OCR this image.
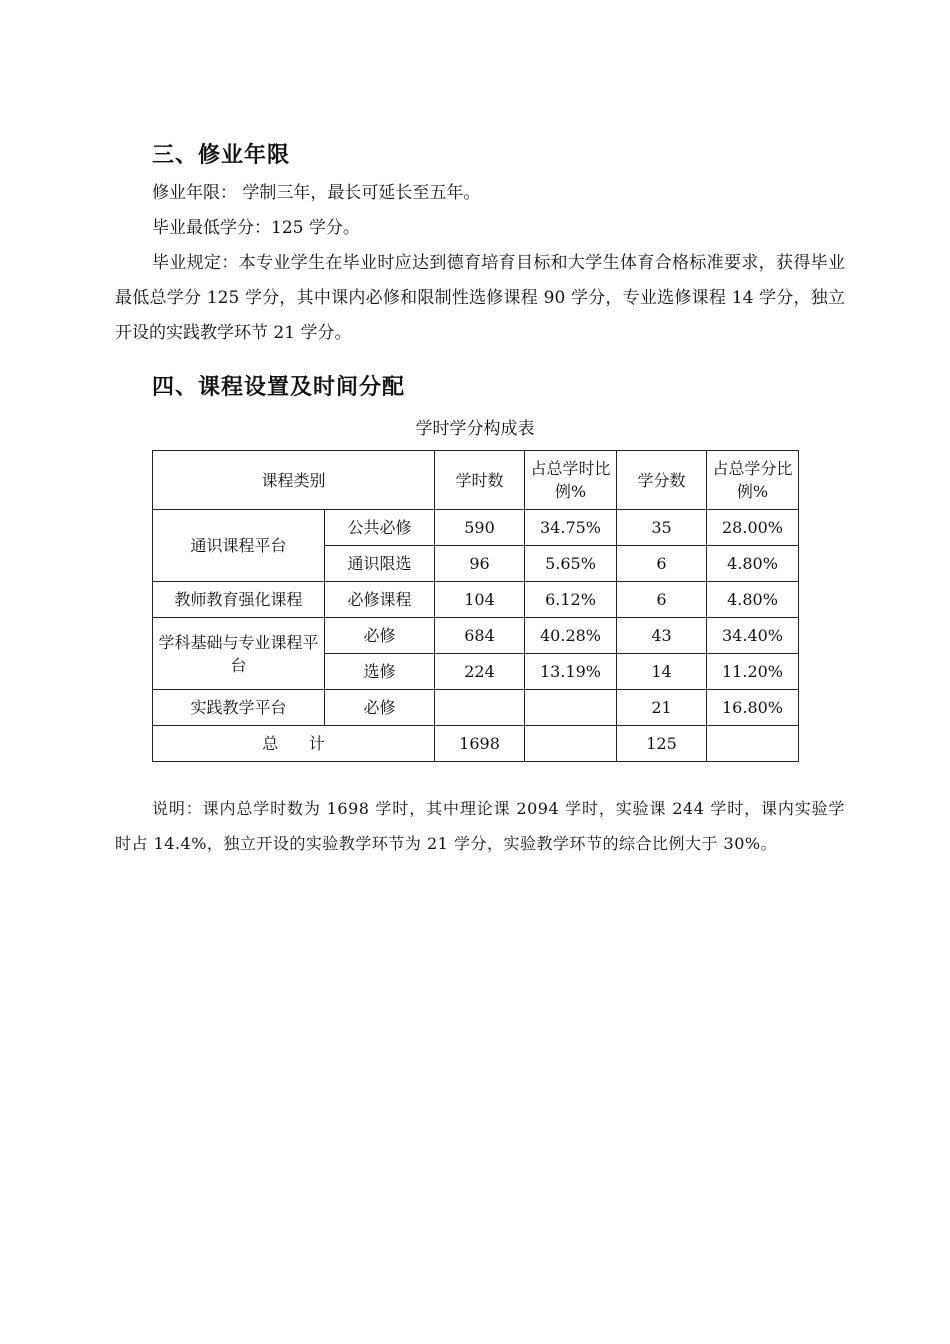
三、修业年限

修业年限： 学制三年，最长可延长至五年。

毕业最低学分：125 学分。

毕业规定：本专业学生在毕业时应达到德育培育目标和大学生体育合格标准要求，获得毕业最低总学分 125 学分，其中课内必修和限制性选修课程 90 学分，专业选修课程 14 学分，独立开设的实践教学环节 21 学分。

四、课程设置及时间分配

学时学分构成表

课程类别		学时数	占总学时比例%	学分数	占总学分比例%
通识课程平台	公共必修	590	34.75%	35	28.00%
	通识限选	96	5.65%	6	4.80%
教师教育强化课程	必修课程	104	6.12%	6	4.80%
学科基础与专业课程平台	必修	684	40.28%	43	34.40%
	选修	224	13.19%	14	11.20%
实践教学平台	必修			21	16.80%
总      计		1698		125	

说明：课内总学时数为 1698 学时，其中理论课 2094 学时，实验课 244 学时，课内实验学时占 14.4%，独立开设的实验教学环节为 21 学分，实验教学环节的综合比例大于 30%。
